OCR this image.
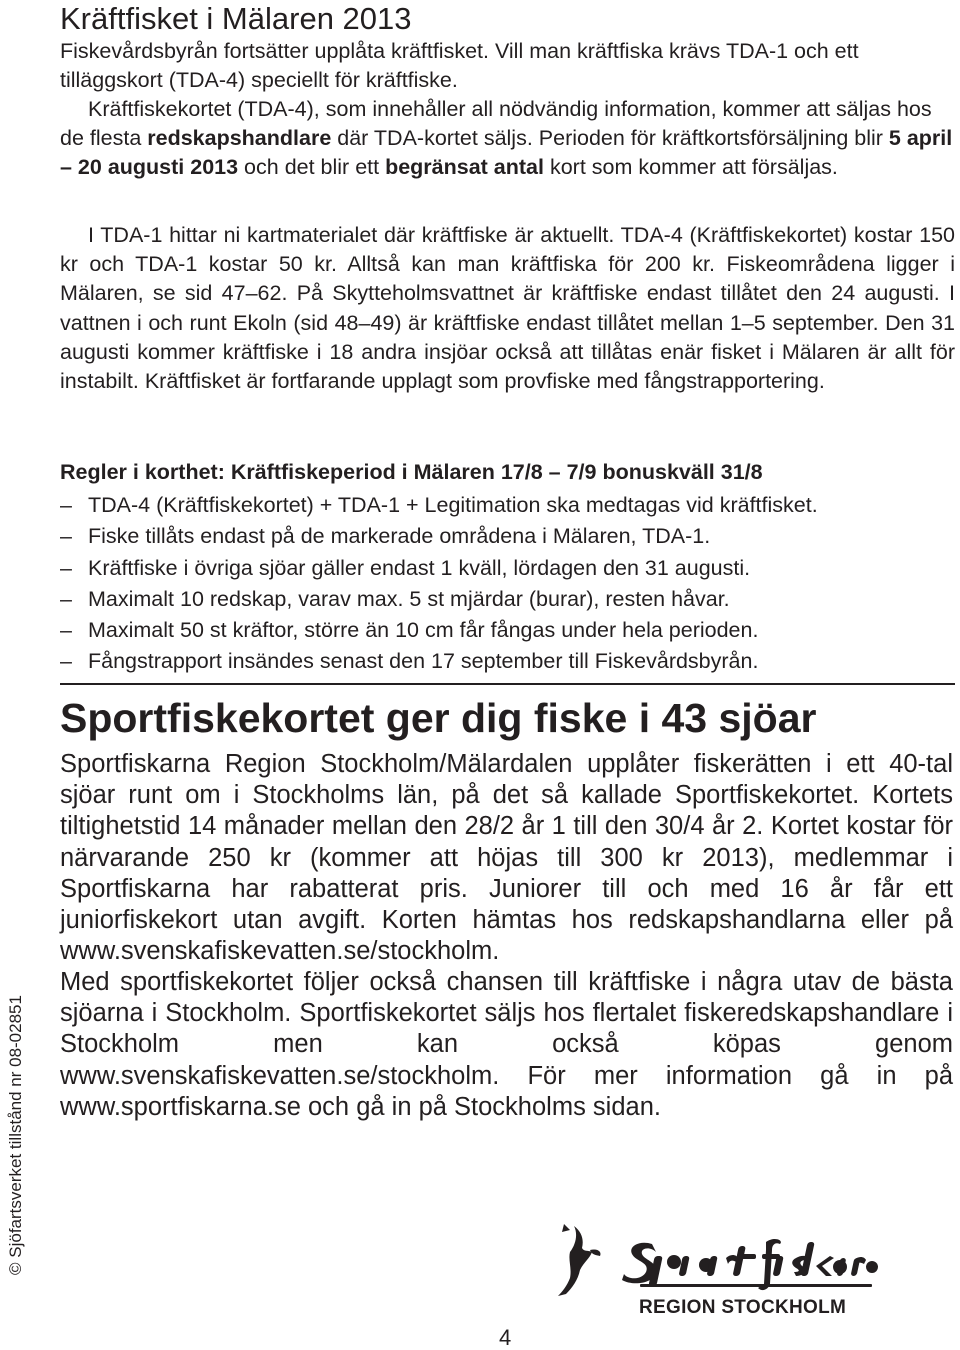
Kräftfisket i Mälaren 2013

Fiskevårdsbyrån fortsätter upplåta kräftfisket. Vill man kräftfiska krävs TDA-1 och ett tilläggskort (TDA-4) speciellt för kräftfiske.

Kräftfiskekortet (TDA-4), som innehåller all nödvändig information, kommer att säljas hos de flesta redskapshandlare där TDA-kortet säljs. Perioden för kräftkortsförsäljning blir 5 april – 20 augusti 2013 och det blir ett begränsat antal kort som kommer att försäljas.

I TDA-1 hittar ni kartmaterialet där kräftfiske är aktuellt. TDA-4 (Kräftfiskekortet) kostar 150 kr och TDA-1 kostar 50 kr. Alltså kan man kräftfiska för 200 kr. Fiskeområdena ligger i Mälaren, se sid 47–62. På Skytteholmsvattnet är kräftfiske endast tillåtet den 24 augusti. I vattnen i och runt Ekoln (sid 48–49) är kräftfiske endast tillåtet mellan 1–5 september. Den 31 augusti kommer kräftfiske i 18 andra insjöar också att tillåtas enär fisket i Mälaren är allt för instabilt. Kräftfisket är fortfarande upplagt som provfiske med fångstrapportering.

Regler i korthet: Kräftfiskeperiod i Mälaren 17/8 – 7/9 bonuskväll 31/8

– TDA-4 (Kräftfiskekortet) + TDA-1 + Legitimation ska medtagas vid kräftfisket.
– Fiske tillåts endast på de markerade områdena i Mälaren, TDA-1.
– Kräftfiske i övriga sjöar gäller endast 1 kväll, lördagen den 31 augusti.
– Maximalt 10 redskap, varav max. 5 st mjärdar (burar), resten håvar.
– Maximalt 50 st kräftor, större än 10 cm får fångas under hela perioden.
– Fångstrapport insändes senast den 17 september till Fiskevårdsbyrån.
Sportfiskekortet ger dig fiske i 43 sjöar

Sportfiskarna Region Stockholm/Mälardalen upplåter fiskerätten i ett 40-tal sjöar runt om i Stockholms län, på det så kallade Sportfiskekortet. Kortets tiltighetstid 14 månader mellan den 28/2 år 1 till den 30/4 år 2. Kortet kostar för närvarande 250 kr (kommer att höjas till 300 kr 2013), medlemmar i Sportfiskarna har rabatterat pris. Juniorer till och med 16 år får ett juniorfiskekort utan avgift. Korten hämtas hos redskapshandlarna eller på www.svenskafiskevatten.se/stockholm.

Med sportfiskekortet följer också chansen till kräftfiske i några utav de bästa sjöarna i Stockholm. Sportfiskekortet säljs hos flertalet fiskeredskapshandlare i Stockholm men kan också köpas genom www.svenskafiskevatten.se/stockholm. För mer information gå in på www.sportfiskarna.se och gå in på Stockholms sidan.

© Sjöfartsverket tillstånd nr 08-02851
REGION STOCKHOLM
4
